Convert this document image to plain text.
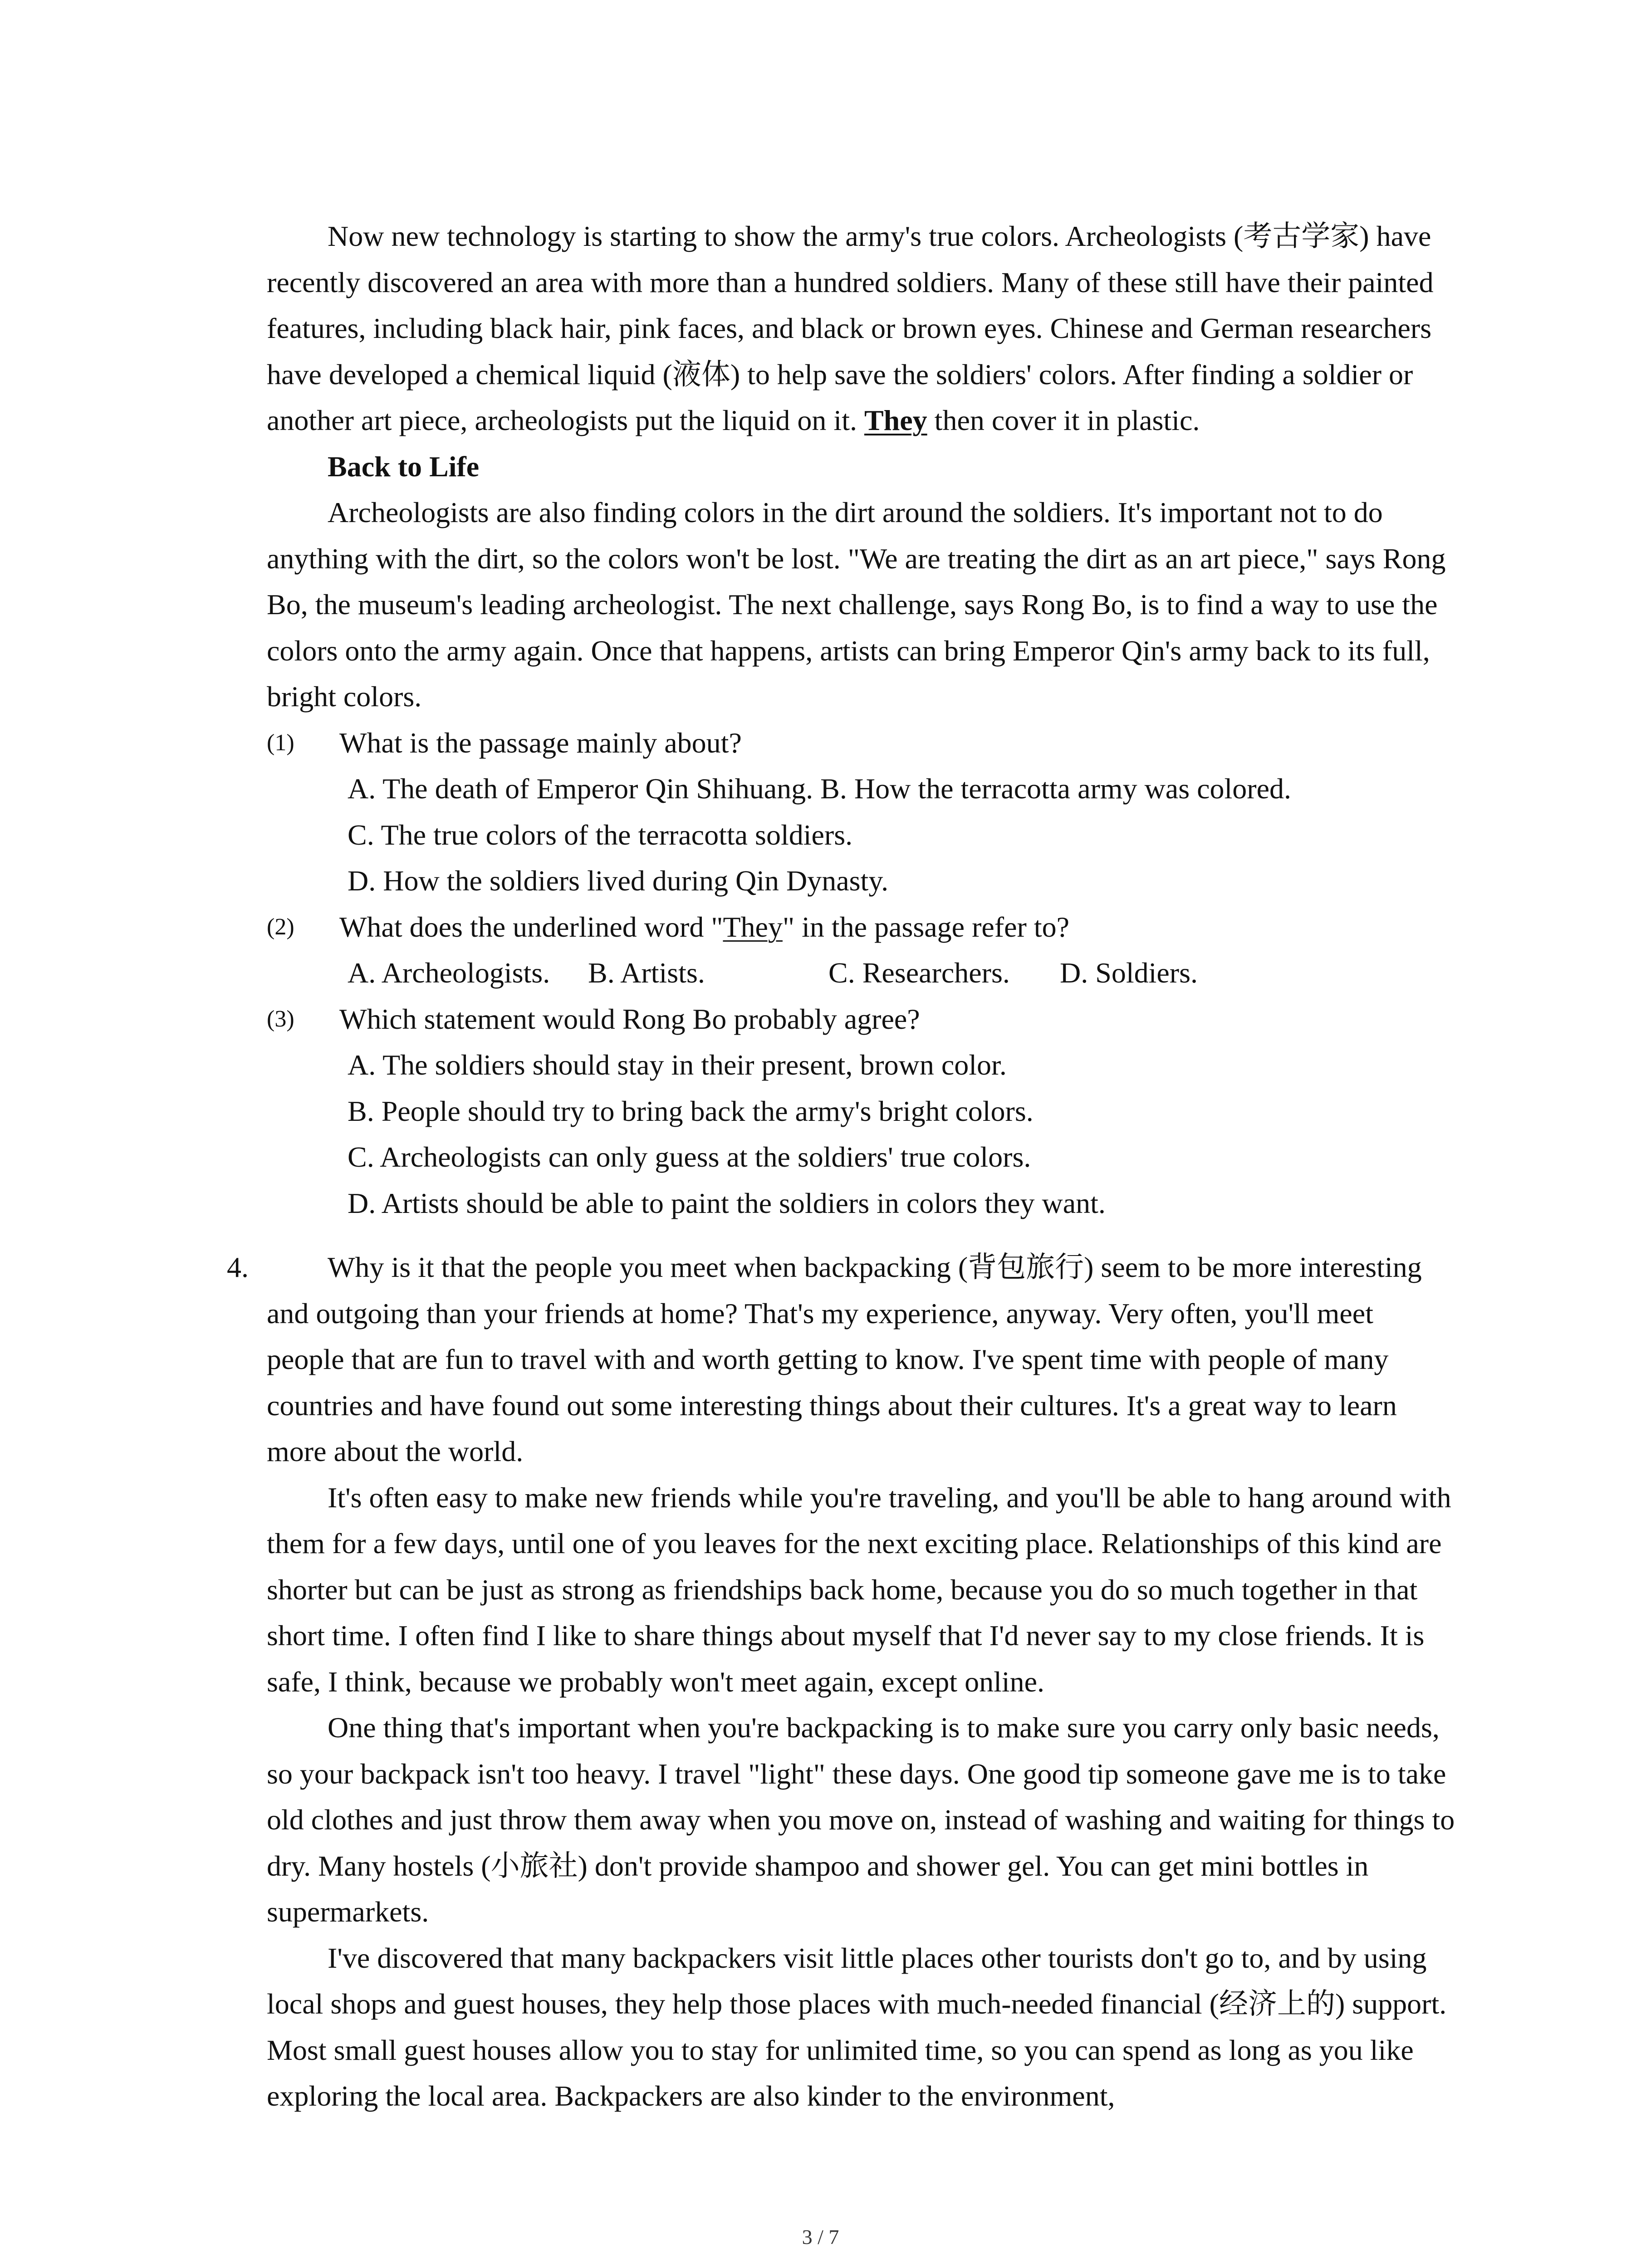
Now new technology is starting to show the army's true colors. Archeologists (考古学家) have recently discovered an area with more than a hundred soldiers. Many of these still have their painted features, including black hair, pink faces, and black or brown eyes. Chinese and German researchers have developed a chemical liquid (液体) to help save the soldiers' colors. After finding a soldier or another art piece, archeologists put the liquid on it. They then cover it in plastic.

Back to Life

Archeologists are also finding colors in the dirt around the soldiers. It's important not to do anything with the dirt, so the colors won't be lost. "We are treating the dirt as an art piece," says Rong Bo, the museum's leading archeologist. The next challenge, says Rong Bo, is to find a way to use the colors onto the army again. Once that happens, artists can bring Emperor Qin's army back to its full, bright colors.

(1) What is the passage mainly about?
A. The death of Emperor Qin Shihuang. B. How the terracotta army was colored.
C. The true colors of the terracotta soldiers.
D. How the soldiers lived during Qin Dynasty.
(2) What does the underlined word "They" in the passage refer to?
A. Archeologists. B. Artists.	C. Researchers. D. Soldiers.
(3) Which statement would Rong Bo probably agree?
A. The soldiers should stay in their present, brown color.
B. People should try to bring back the army's bright colors.
C. Archeologists can only guess at the soldiers' true colors.
D. Artists should be able to paint the soldiers in colors they want.
4.	Why is it that the people you meet when backpacking (背包旅行) seem to be more interesting and outgoing than your friends at home? That's my experience, anyway. Very often, you'll meet people that are fun to travel with and worth getting to know. I've spent time with people of many countries and have found out some interesting things about their cultures. It's a great way to learn more about the world.

It's often easy to make new friends while you're traveling, and you'll be able to hang around with them for a few days, until one of you leaves for the next exciting place. Relationships of this kind are shorter but can be just as strong as friendships back home, because you do so much together in that short time. I often find I like to share things about myself that I'd never say to my close friends. It is safe, I think, because we probably won't meet again, except online.

One thing that's important when you're backpacking is to make sure you carry only basic needs, so your backpack isn't too heavy. I travel "light" these days. One good tip someone gave me is to take old clothes and just throw them away when you move on, instead of washing and waiting for things to dry. Many hostels (小旅社) don't provide shampoo and shower gel. You can get mini bottles in supermarkets.

I've discovered that many backpackers visit little places other tourists don't go to, and by using local shops and guest houses, they help those places with much-needed financial (经济上的) support. Most small guest houses allow you to stay for unlimited time, so you can spend as long as you like exploring the local area. Backpackers are also kinder to the environment,

3 / 7
